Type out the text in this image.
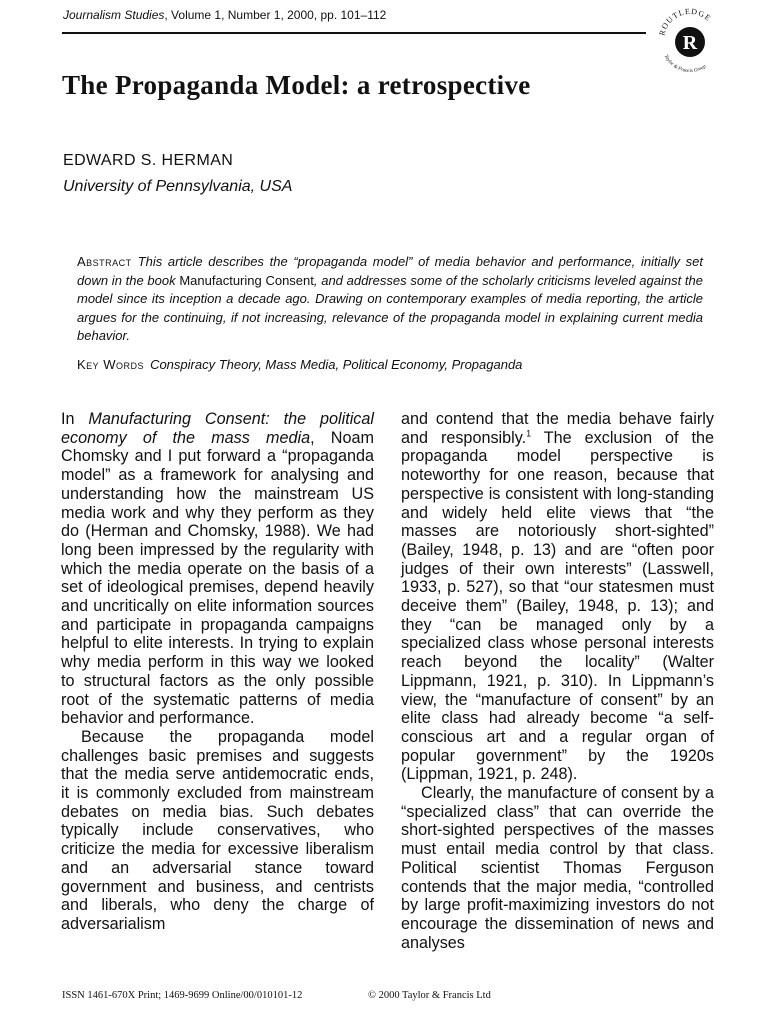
Journalism Studies, Volume 1, Number 1, 2000, pp. 101–112
ROUTLEDGE
Taylor & Francis Group
R
The Propaganda Model: a retrospective
EDWARD S. HERMAN
University of Pennsylvania, USA
Abstract This article describes the “propaganda model” of media behavior and performance, initially set down in the book Manufacturing Consent, and addresses some of the scholarly criticisms leveled against the model since its inception a decade ago. Drawing on contemporary examples of media reporting, the article argues for the continuing, if not increasing, relevance of the propaganda model in explaining current media behavior.
Key Words Conspiracy Theory, Mass Media, Political Economy, Propaganda

In Manufacturing Consent: the political economy of the mass media, Noam Chomsky and I put forward a “propaganda model” as a framework for analysing and understanding how the mainstream US media work and why they perform as they do (Herman and Chomsky, 1988). We had long been impressed by the regularity with which the media operate on the basis of a set of ideological premises, depend heavily and uncritically on elite information sources and participate in propaganda campaigns helpful to elite interests. In trying to explain why media perform in this way we looked to structural factors as the only possible root of the systematic patterns of media behavior and performance.

Because the propaganda model challenges basic premises and suggests that the media serve antidemocratic ends, it is commonly excluded from mainstream debates on media bias. Such debates typically include conservatives, who criticize the media for excessive liberalism and an adversarial stance toward government and business, and centrists and liberals, who deny the charge of adversarialism

and contend that the media behave fairly and responsibly.$^1$ The exclusion of the propaganda model perspective is noteworthy for one reason, because that perspective is consistent with long-standing and widely held elite views that “the masses are notoriously short-sighted” (Bailey, 1948, p. 13) and are “often poor judges of their own interests” (Lasswell, 1933, p. 527), so that “our statesmen must deceive them” (Bailey, 1948, p. 13); and they “can be managed only by a specialized class whose personal interests reach beyond the locality” (Walter Lippmann, 1921, p. 310). In Lippmann’s view, the “manufacture of consent” by an elite class had already become “a self-conscious art and a regular organ of popular government” by the 1920s (Lippman, 1921, p. 248).

Clearly, the manufacture of consent by a “specialized class” that can override the short-sighted perspectives of the masses must entail media control by that class. Political scientist Thomas Ferguson contends that the major media, “controlled by large profit-maximizing investors do not encourage the dissemination of news and analyses

ISSN 1461-670X Print; 1469-9699 Online/00/010101-12	© 2000 Taylor & Francis Ltd
